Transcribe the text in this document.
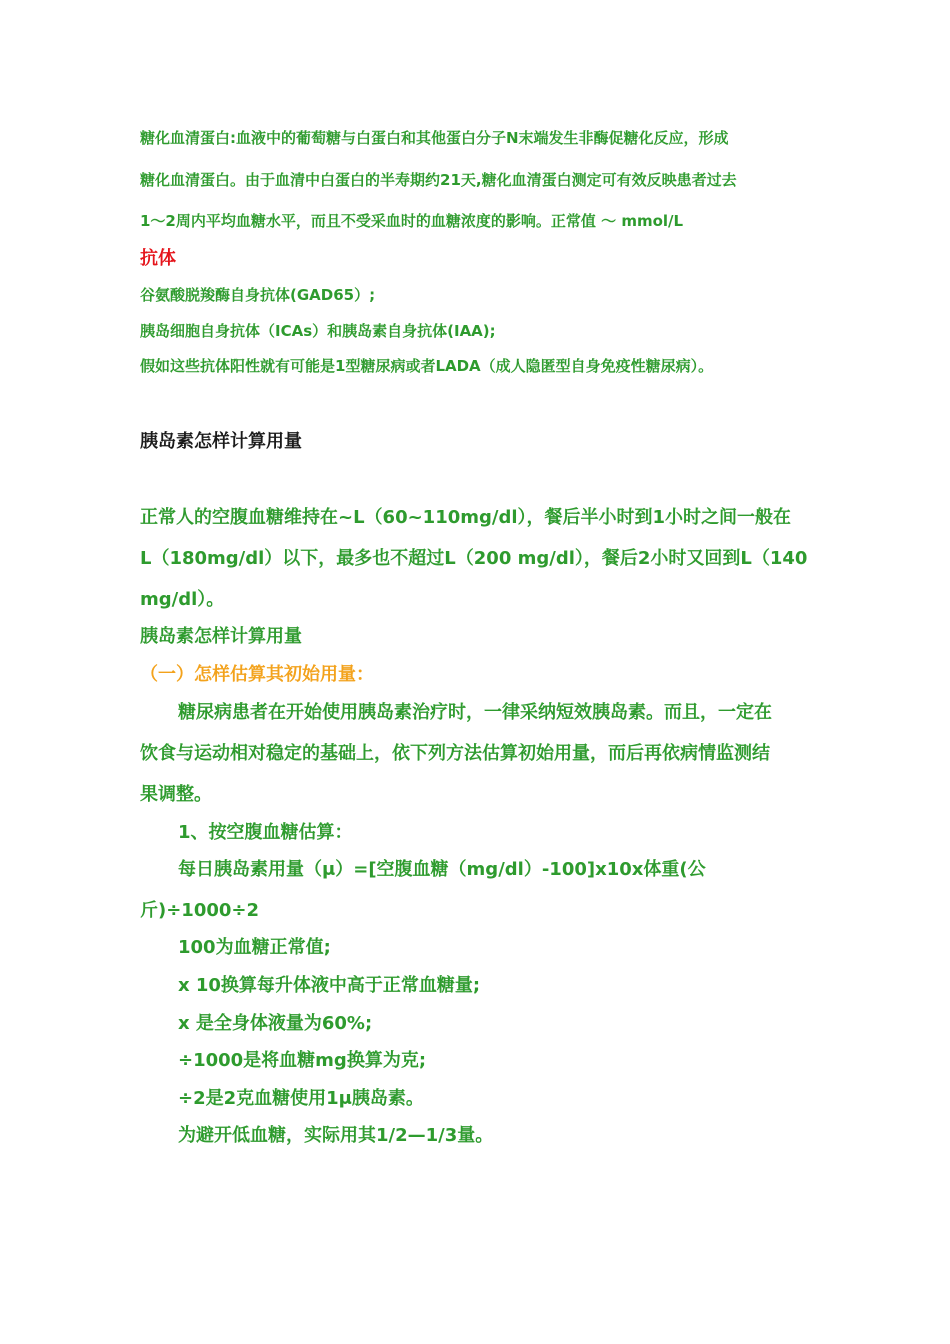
糖化血清蛋白:血液中的葡萄糖与白蛋白和其他蛋白分子N末端发生非酶促糖化反应，形成
糖化血清蛋白。由于血清中白蛋白的半寿期约21天,糖化血清蛋白测定可有效反映患者过去
1～2周内平均血糖水平，而且不受采血时的血糖浓度的影响。正常值 ～ mmol/L
抗体
谷氨酸脱羧酶自身抗体(GAD65）;
胰岛细胞自身抗体（ICAs）和胰岛素自身抗体(IAA);
假如这些抗体阳性就有可能是1型糖尿病或者LADA（成人隐匿型自身免疫性糖尿病）。
胰岛素怎样计算用量
正常人的空腹血糖维持在~L（60~110mg/dl），餐后半小时到1小时之间一般在
L（180mg/dl）以下，最多也不超过L（200 mg/dl），餐后2小时又回到L（140
mg/dl）。
胰岛素怎样计算用量
（一）怎样估算其初始用量：
糖尿病患者在开始使用胰岛素治疗时，一律采纳短效胰岛素。而且，一定在
饮食与运动相对稳定的基础上，依下列方法估算初始用量，而后再依病情监测结
果调整。
1、按空腹血糖估算：
每日胰岛素用量（μ）=[空腹血糖（mg/dl）-100]x10x体重(公
斤)÷1000÷2
100为血糖正常值;
x 10换算每升体液中高于正常血糖量;
x 是全身体液量为60%;
÷1000是将血糖mg换算为克;
÷2是2克血糖使用1μ胰岛素。
为避开低血糖，实际用其1/2—1/3量。
